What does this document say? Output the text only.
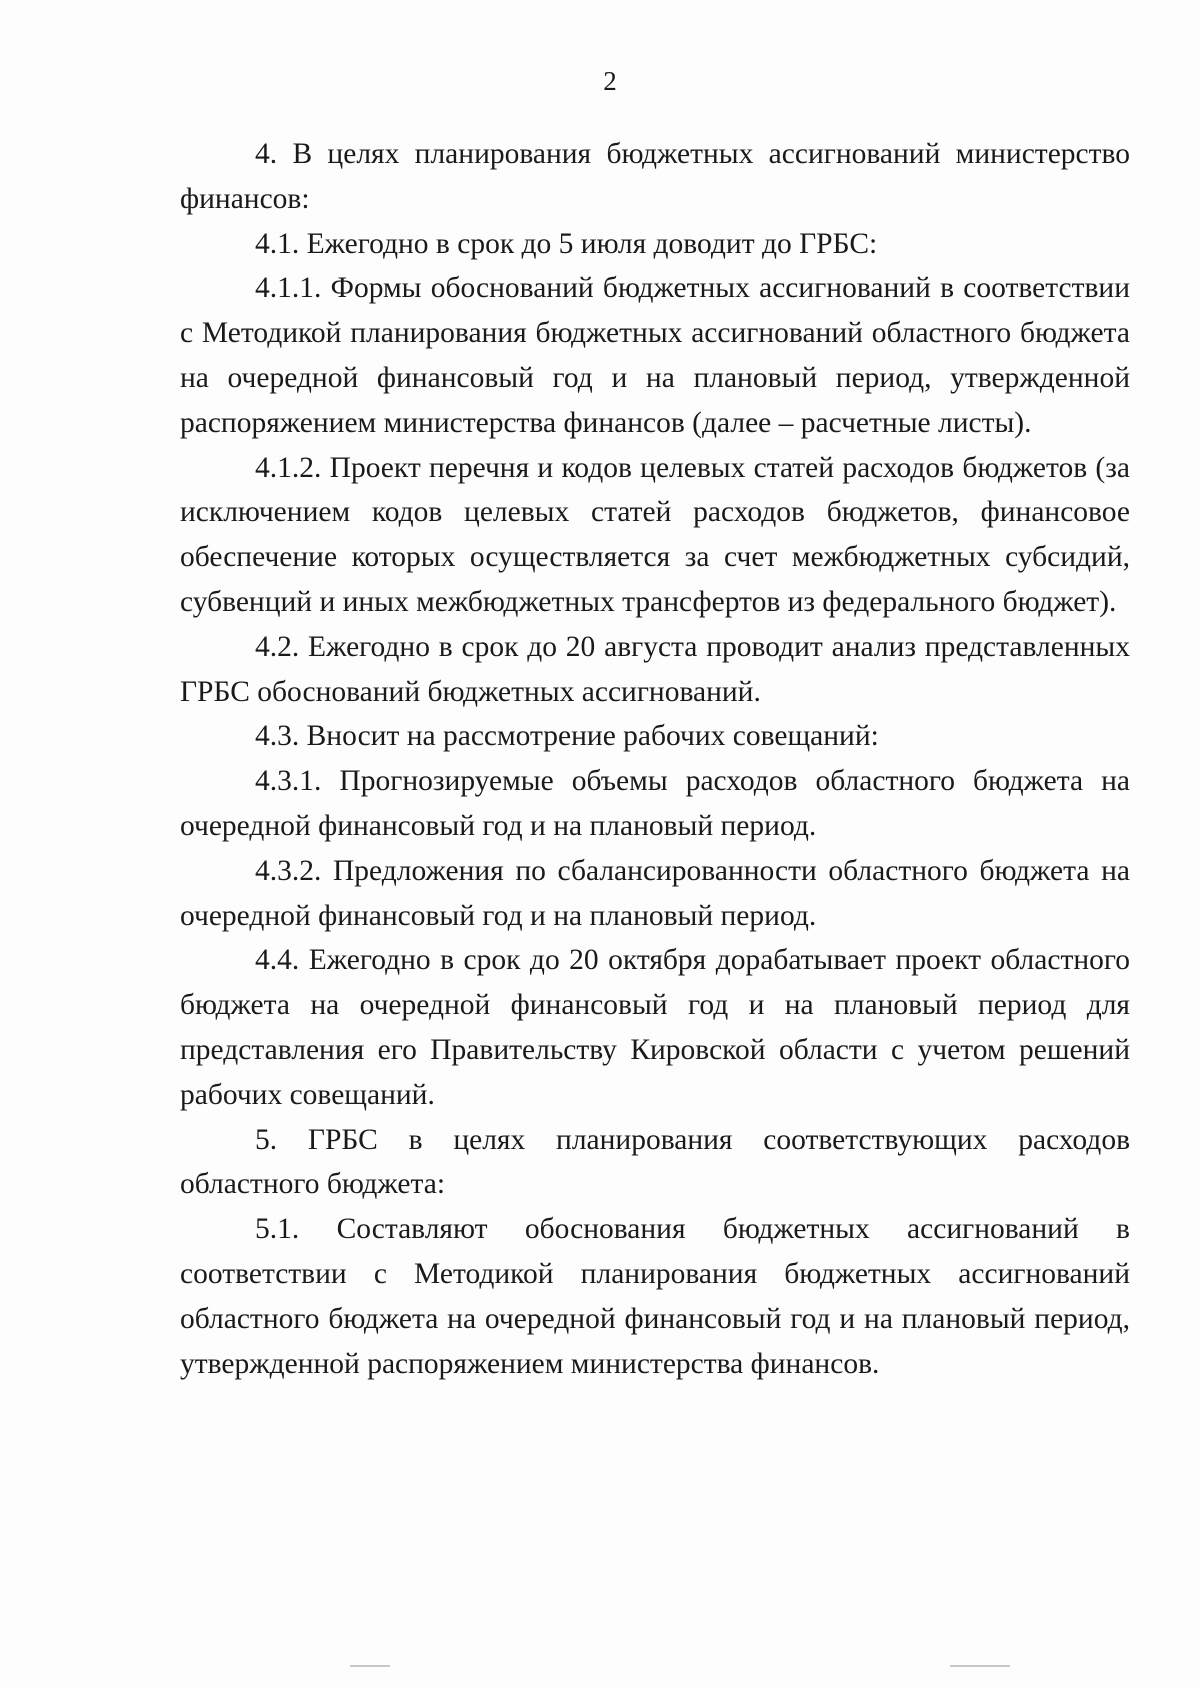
2

4. В целях планирования бюджетных ассигнований министерство финансов:

4.1. Ежегодно в срок до 5 июля доводит до ГРБС:

4.1.1. Формы обоснований бюджетных ассигнований в соответствии с Методикой планирования бюджетных ассигнований областного бюджета на очередной финансовый год и на плановый период, утвержденной распоряжением министерства финансов (далее – расчетные листы).

4.1.2. Проект перечня и кодов целевых статей расходов бюджетов (за исключением кодов целевых статей расходов бюджетов, финансовое обеспечение которых осуществляется за счет межбюджетных субсидий, субвенций и иных межбюджетных трансфертов из федерального бюджет).

4.2. Ежегодно в срок до 20 августа проводит анализ представленных ГРБС обоснований бюджетных ассигнований.

4.3. Вносит на рассмотрение рабочих совещаний:

4.3.1. Прогнозируемые объемы расходов областного бюджета на очередной финансовый год и на плановый период.

4.3.2. Предложения по сбалансированности областного бюджета на очередной финансовый год и на плановый период.

4.4. Ежегодно в срок до 20 октября дорабатывает проект областного бюджета на очередной финансовый год и на плановый период для представления его Правительству Кировской области с учетом решений рабочих совещаний.

5. ГРБС в целях планирования соответствующих расходов областного бюджета:

5.1. Составляют обоснования бюджетных ассигнований в соответствии с Методикой планирования бюджетных ассигнований областного бюджета на очередной финансовый год и на плановый период, утвержденной распоряжением министерства финансов.
